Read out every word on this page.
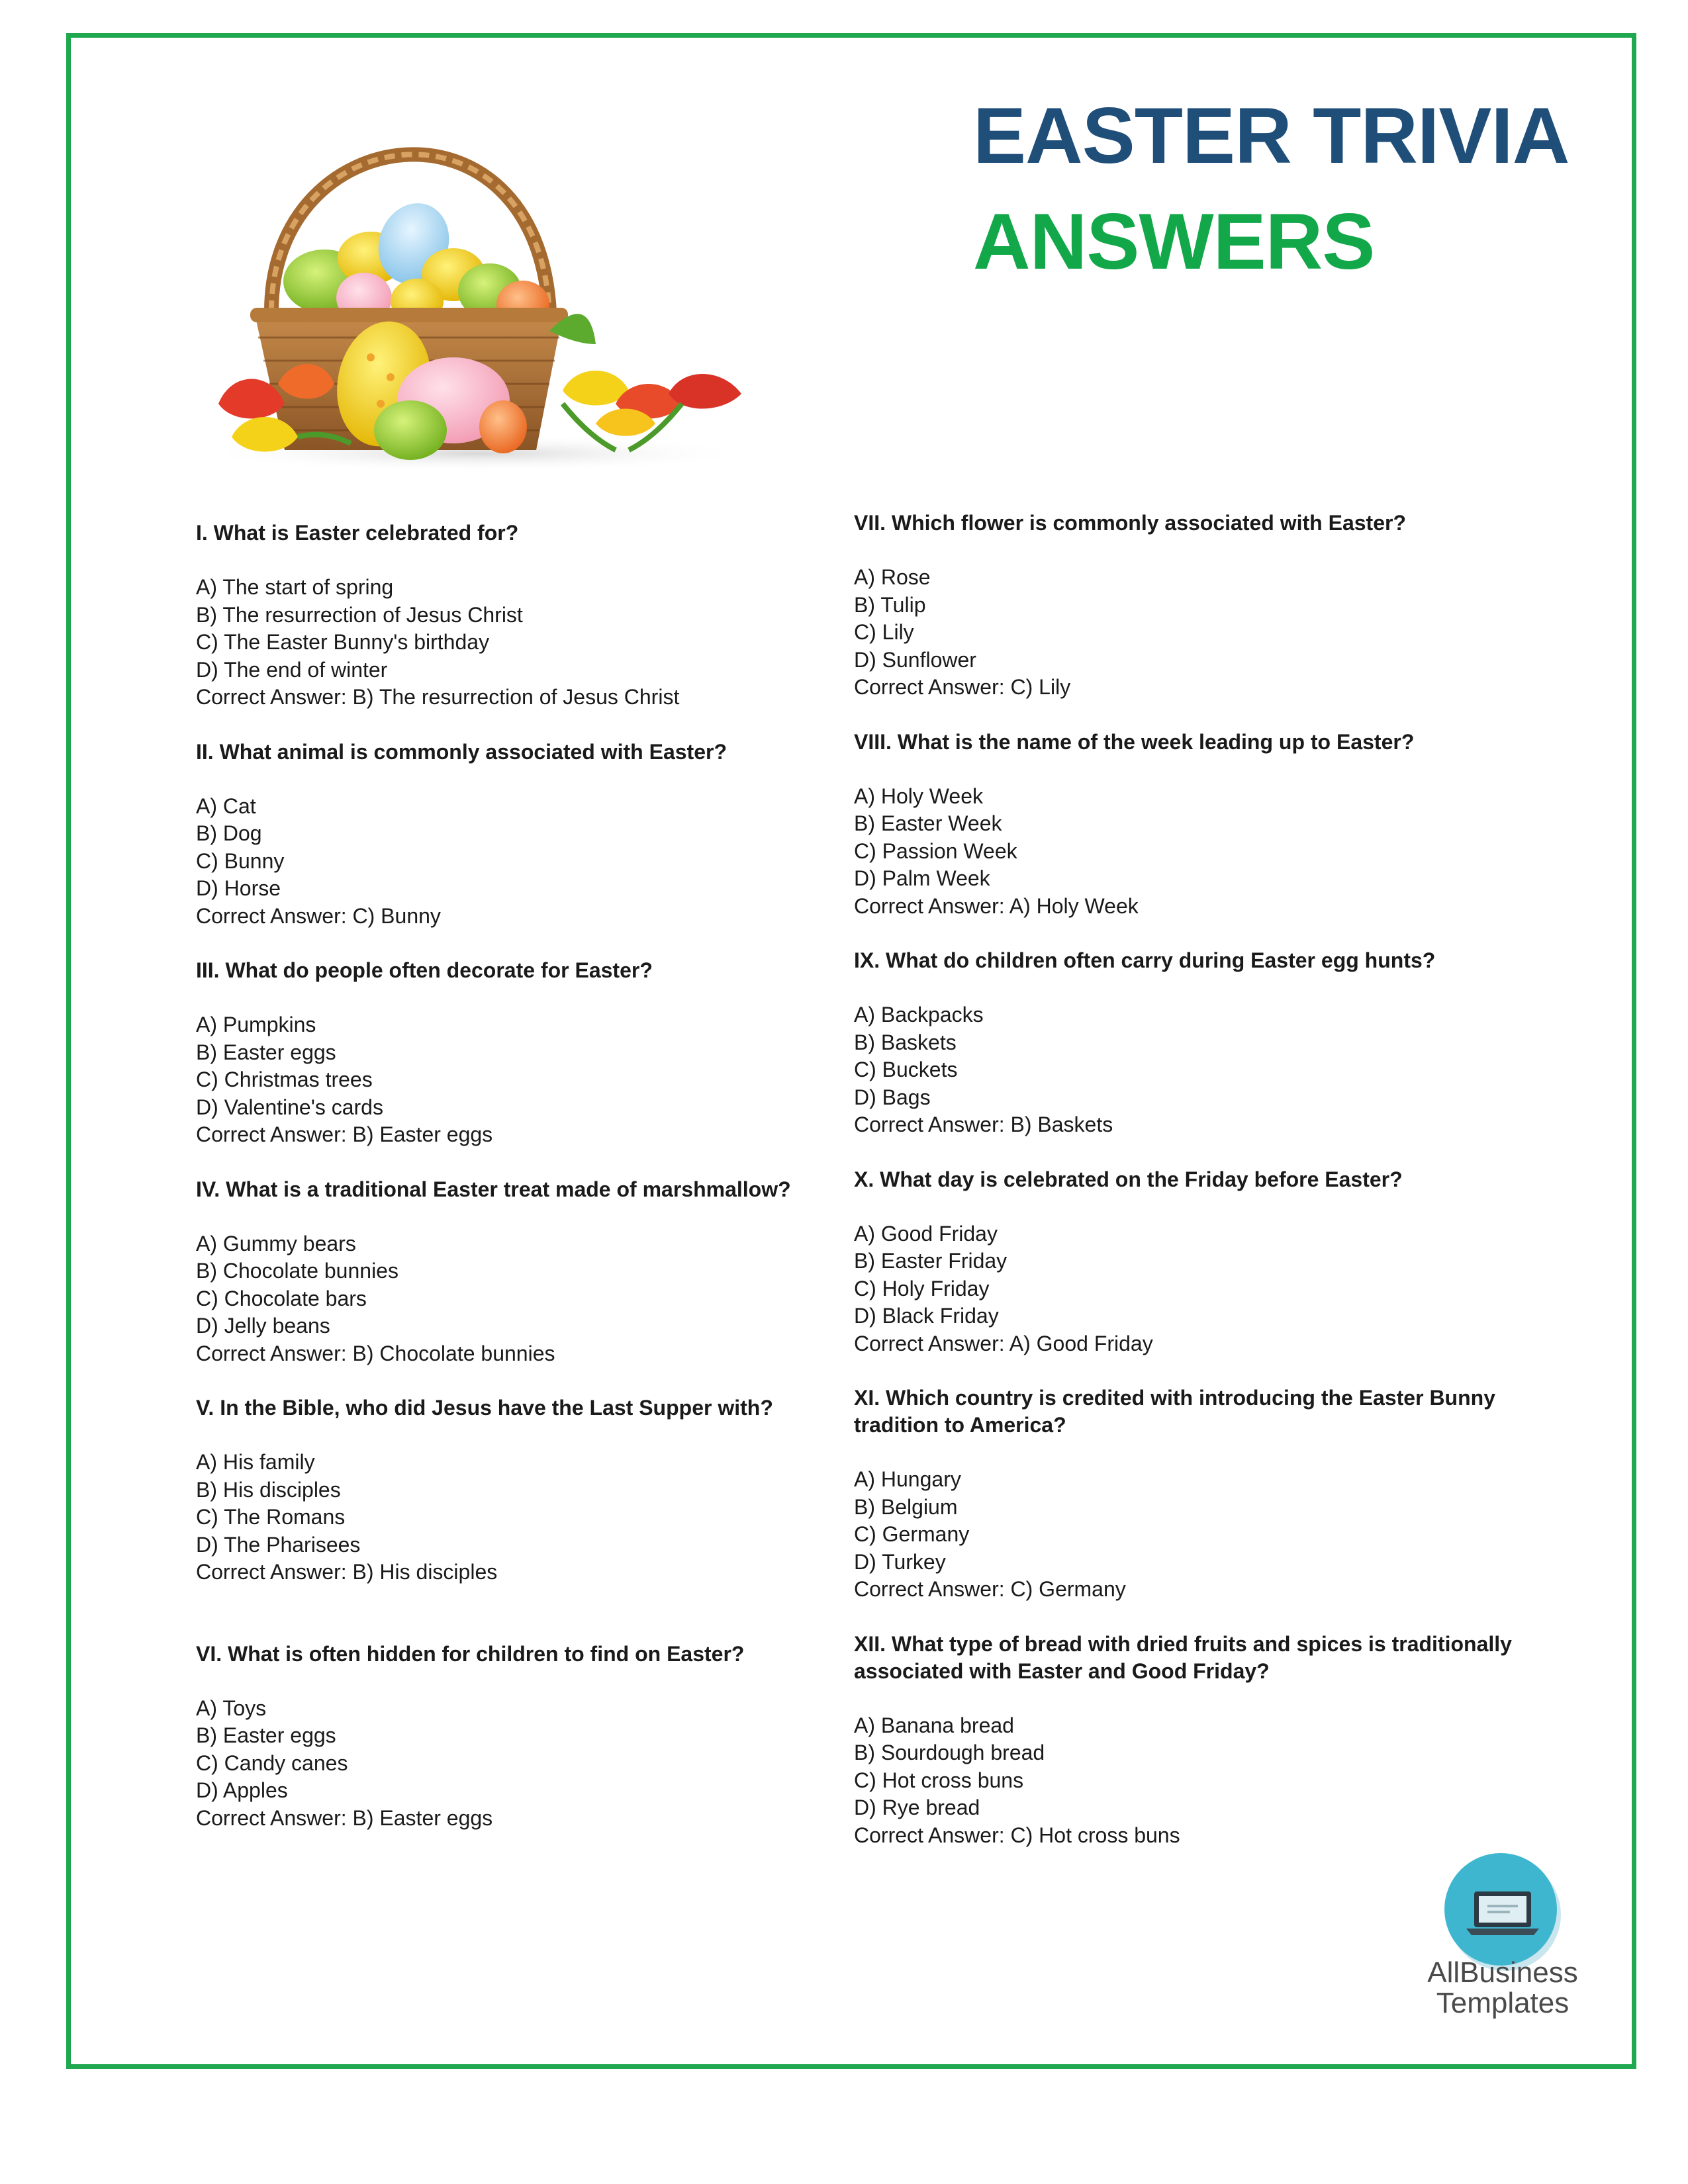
EASTER TRIVIA
ANSWERS

I. What is Easter celebrated for?

A) The start of spring

B) The resurrection of Jesus Christ

C) The Easter Bunny's birthday

D) The end of winter

Correct Answer: B) The resurrection of Jesus Christ

II. What animal is commonly associated with Easter?

A) Cat

B) Dog

C) Bunny

D) Horse

Correct Answer: C) Bunny

III. What do people often decorate for Easter?

A) Pumpkins

B) Easter eggs

C) Christmas trees

D) Valentine's cards

Correct Answer: B) Easter eggs

IV. What is a traditional Easter treat made of marshmallow?

A) Gummy bears

B) Chocolate bunnies

C) Chocolate bars

D) Jelly beans

Correct Answer: B) Chocolate bunnies

V. In the Bible, who did Jesus have the Last Supper with?

A) His family

B) His disciples

C) The Romans

D) The Pharisees

Correct Answer: B) His disciples

VI. What is often hidden for children to find on Easter?

A) Toys

B) Easter eggs

C) Candy canes

D) Apples

Correct Answer: B) Easter eggs

VII. Which flower is commonly associated with Easter?

A) Rose

B) Tulip

C) Lily

D) Sunflower

Correct Answer: C) Lily

VIII. What is the name of the week leading up to Easter?

A) Holy Week

B) Easter Week

C) Passion Week

D) Palm Week

Correct Answer: A) Holy Week

IX. What do children often carry during Easter egg hunts?

A) Backpacks

B) Baskets

C) Buckets

D) Bags

Correct Answer: B) Baskets

X. What day is celebrated on the Friday before Easter?

A) Good Friday

B) Easter Friday

C) Holy Friday

D) Black Friday

Correct Answer: A) Good Friday

XI. Which country is credited with introducing the Easter Bunny tradition to America?

A) Hungary

B) Belgium

C) Germany

D) Turkey

Correct Answer: C) Germany

XII. What type of bread with dried fruits and spices is traditionally associated with Easter and Good Friday?

A) Banana bread

B) Sourdough bread

C) Hot cross buns

D) Rye bread

Correct Answer: C) Hot cross buns

AllBusiness
Templates
